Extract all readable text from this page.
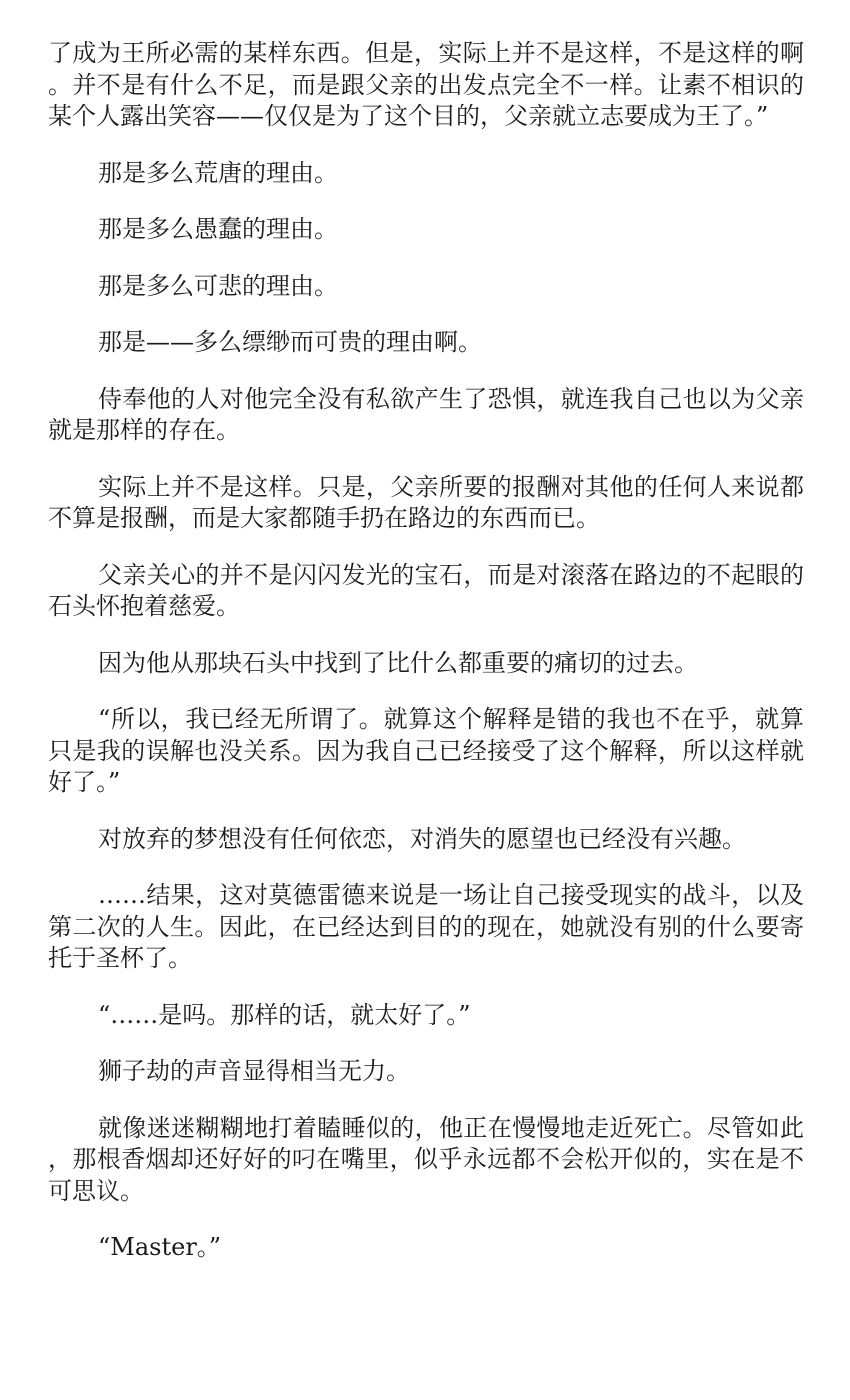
了成为王所必需的某样东西。但是，实际上并不是这样，不是这样的啊。并不是有什么不足，而是跟父亲的出发点完全不一样。让素不相识的某个人露出笑容——仅仅是为了这个目的，父亲就立志要成为王了。”

那是多么荒唐的理由。

那是多么愚蠢的理由。

那是多么可悲的理由。

那是——多么缥缈而可贵的理由啊。

侍奉他的人对他完全没有私欲产生了恐惧，就连我自己也以为父亲就是那样的存在。

实际上并不是这样。只是，父亲所要的报酬对其他的任何人来说都不算是报酬，而是大家都随手扔在路边的东西而已。

父亲关心的并不是闪闪发光的宝石，而是对滚落在路边的不起眼的石头怀抱着慈爱。

因为他从那块石头中找到了比什么都重要的痛切的过去。

“所以，我已经无所谓了。就算这个解释是错的我也不在乎，就算只是我的误解也没关系。因为我自己已经接受了这个解释，所以这样就好了。”

对放弃的梦想没有任何依恋，对消失的愿望也已经没有兴趣。

……结果，这对莫德雷德来说是一场让自己接受现实的战斗，以及第二次的人生。因此，在已经达到目的的现在，她就没有别的什么要寄托于圣杯了。

“……是吗。那样的话，就太好了。”

狮子劫的声音显得相当无力。

就像迷迷糊糊地打着瞌睡似的，他正在慢慢地走近死亡。尽管如此，那根香烟却还好好的叼在嘴里，似乎永远都不会松开似的，实在是不可思议。

“Master。”
